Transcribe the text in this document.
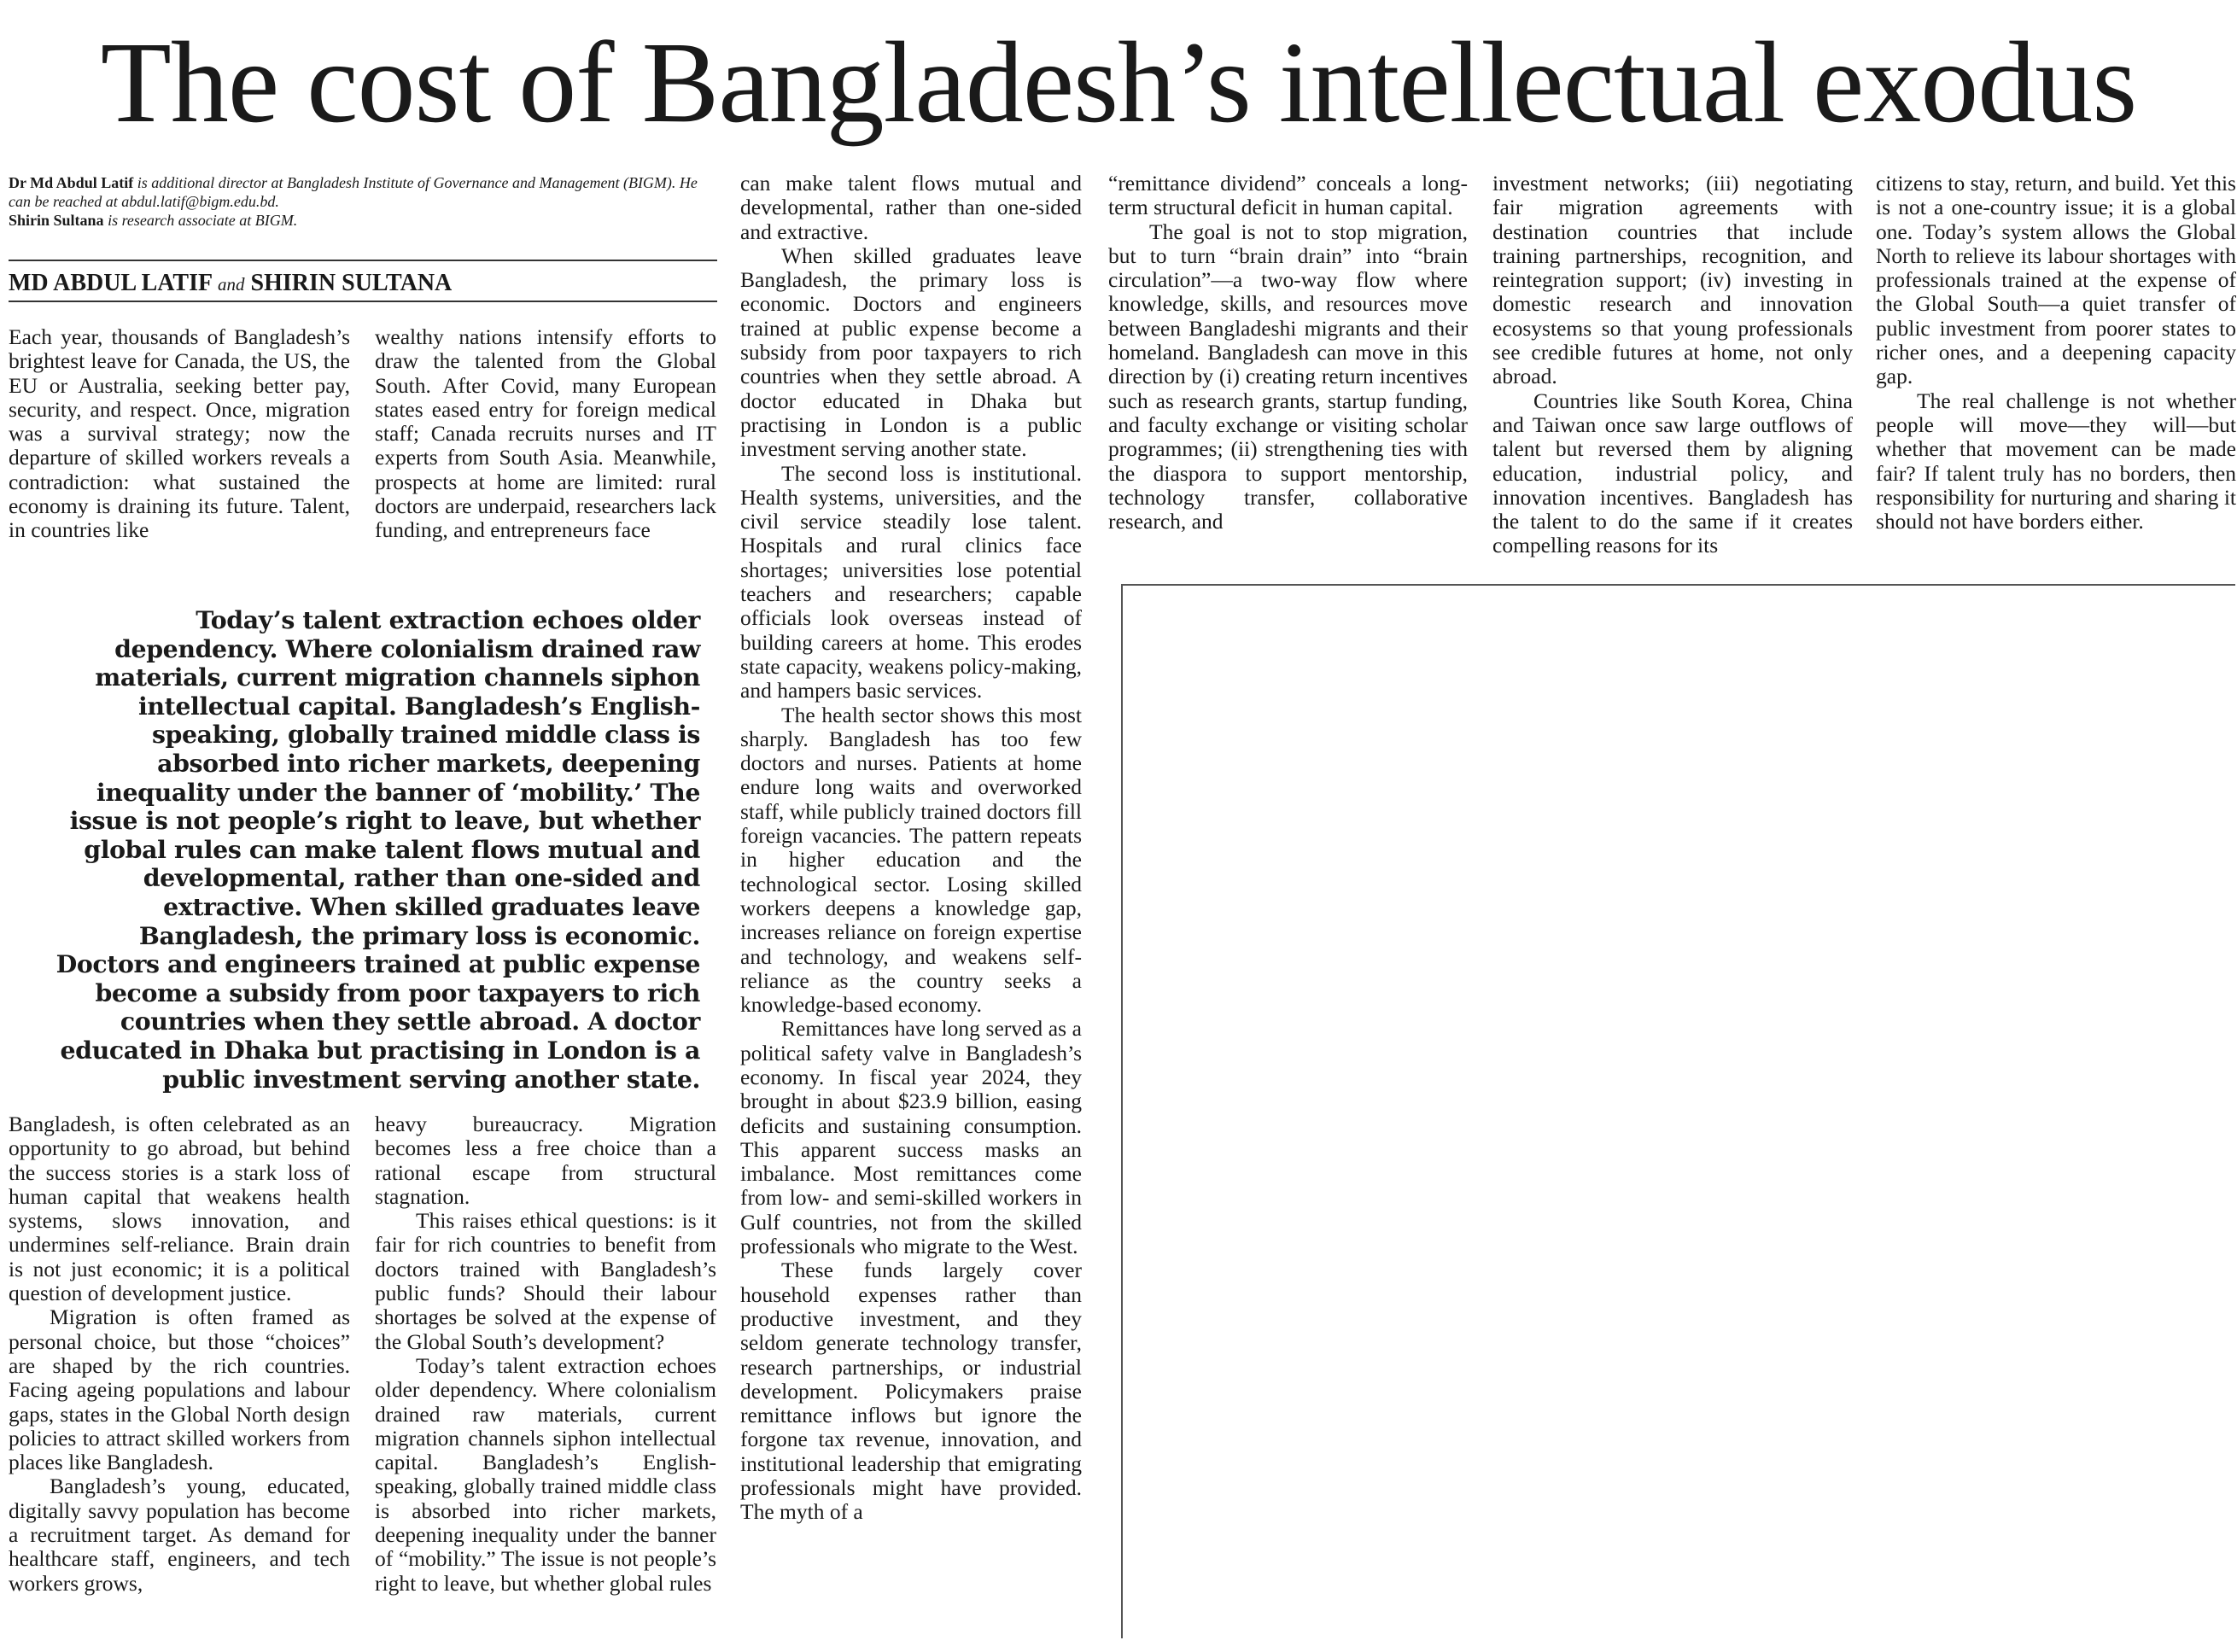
The cost of Bangladesh’s intellectual exodus

Dr Md Abdul Latif is additional director at Bangladesh Institute of Governance and Management (BIGM). He can be reached at abdul.latif@bigm.edu.bd.

Shirin Sultana is research associate at BIGM.

MD ABDUL LATIF and SHIRIN SULTANA

Each year, thousands of Bangladesh’s brightest leave for Canada, the US, the EU or Australia, seeking better pay, security, and respect. Once, migration was a survival strategy; now the departure of skilled workers reveals a contradiction: what sustained the economy is draining its future. Talent, in countries like

wealthy nations intensify efforts to draw the talented from the Global South. After Covid, many European states eased entry for foreign medical staff; Canada recruits nurses and IT experts from South Asia. Meanwhile, prospects at home are limited: rural doctors are underpaid, researchers lack funding, and entrepreneurs face

Today’s talent extraction echoes older dependency. Where colonialism drained raw materials, current migration channels siphon intellectual capital. Bangladesh’s English-speaking, globally trained middle class is absorbed into richer markets, deepening inequality under the banner of ‘mobility.’ The issue is not people’s right to leave, but whether global rules can make talent flows mutual and developmental, rather than one-sided and extractive. When skilled graduates leave Bangladesh, the primary loss is economic. Doctors and engineers trained at public expense become a subsidy from poor taxpayers to rich countries when they settle abroad. A doctor educated in Dhaka but practising in London is a public investment serving another state.

Bangladesh, is often celebrated as an opportunity to go abroad, but behind the success stories is a stark loss of human capital that weakens health systems, slows innovation, and undermines self-reliance. Brain drain is not just economic; it is a political question of development justice.

Migration is often framed as personal choice, but those “choices” are shaped by the rich countries. Facing ageing populations and labour gaps, states in the Global North design policies to attract skilled workers from places like Bangladesh.

Bangladesh’s young, educated, digitally savvy population has become a recruitment target. As demand for healthcare staff, engineers, and tech workers grows,

heavy bureaucracy. Migration becomes less a free choice than a rational escape from structural stagnation.

This raises ethical questions: is it fair for rich countries to benefit from doctors trained with Bangladesh’s public funds? Should their labour shortages be solved at the expense of the Global South’s development?

Today’s talent extraction echoes older dependency. Where colonialism drained raw materials, current migration channels siphon intellectual capital. Bangladesh’s English-speaking, globally trained middle class is absorbed into richer markets, deepening inequality under the banner of “mobility.” The issue is not people’s right to leave, but whether global rules

can make talent flows mutual and developmental, rather than one-sided and extractive.

When skilled graduates leave Bangladesh, the primary loss is economic. Doctors and engineers trained at public expense become a subsidy from poor taxpayers to rich countries when they settle abroad. A doctor educated in Dhaka but practising in London is a public investment serving another state.

The second loss is institutional. Health systems, universities, and the civil service steadily lose talent. Hospitals and rural clinics face shortages; universities lose potential teachers and researchers; capable officials look overseas instead of building careers at home. This erodes state capacity, weakens policy-making, and hampers basic services.

The health sector shows this most sharply. Bangladesh has too few doctors and nurses. Patients at home endure long waits and overworked staff, while publicly trained doctors fill foreign vacancies. The pattern repeats in higher education and the technological sector. Losing skilled workers deepens a knowledge gap, increases reliance on foreign expertise and technology, and weakens self-reliance as the country seeks a knowledge-based economy.

Remittances have long served as a political safety valve in Bangladesh’s economy. In fiscal year 2024, they brought in about $23.9 billion, easing deficits and sustaining consumption. This apparent success masks an imbalance. Most remittances come from low- and semi-skilled workers in Gulf countries, not from the skilled professionals who migrate to the West.

These funds largely cover household expenses rather than productive investment, and they seldom generate technology transfer, research partnerships, or industrial development. Policymakers praise remittance inflows but ignore the forgone tax revenue, innovation, and institutional leadership that emigrating professionals might have provided. The myth of a

“remittance dividend” conceals a long-term structural deficit in human capital.

The goal is not to stop migration, but to turn “brain drain” into “brain circulation”—a two-way flow where knowledge, skills, and resources move between Bangladeshi migrants and their homeland. Bangladesh can move in this direction by (i) creating return incentives such as research grants, startup funding, and faculty exchange or visiting scholar programmes; (ii) strengthening ties with the diaspora to support mentorship, technology transfer, collaborative research, and

investment networks; (iii) negotiating fair migration agreements with destination countries that include training partnerships, recognition, and reintegration support; (iv) investing in domestic research and innovation ecosystems so that young professionals see credible futures at home, not only abroad.

Countries like South Korea, China and Taiwan once saw large outflows of talent but reversed them by aligning education, industrial policy, and innovation incentives. Bangladesh has the talent to do the same if it creates compelling reasons for its

citizens to stay, return, and build. Yet this is not a one-country issue; it is a global one. Today’s system allows the Global North to relieve its labour shortages with professionals trained at the expense of the Global South—a quiet transfer of public investment from poorer states to richer ones, and a deepening capacity gap.

The real challenge is not whether people will move—they will—but whether that movement can be made fair? If talent truly has no borders, then responsibility for nurturing and sharing it should not have borders either.
